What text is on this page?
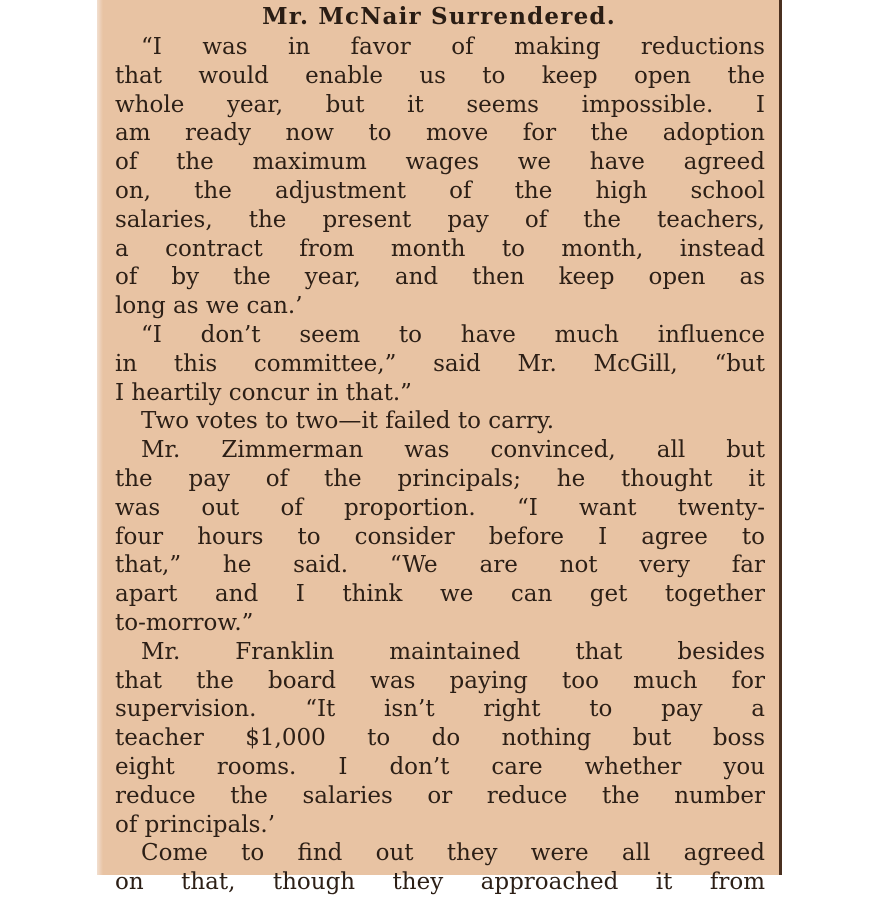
Mr. McNair Surrendered.
“I was in favor of making reductions
that would enable us to keep open the
whole year, but it seems impossible. I
am ready now to move for the adoption
of the maximum wages we have agreed
on, the adjustment of the high school
salaries, the present pay of the teachers,
a contract from month to month, instead
of by the year, and then keep open as
long as we can.’
“I don’t seem to have much influence
in this committee,” said Mr. McGill, “but
I heartily concur in that.”
Two votes to two—it failed to carry.
Mr. Zimmerman was convinced, all but
the pay of the principals; he thought it
was out of proportion. “I want twenty-
four hours to consider before I agree to
that,” he said. “We are not very far
apart and I think we can get together
to-morrow.”
Mr. Franklin maintained that besides
that the board was paying too much for
supervision. “It isn’t right to pay a
teacher $1,000 to do nothing but boss
eight rooms. I don’t care whether you
reduce the salaries or reduce the number
of principals.’
Come to find out they were all agreed
on that, though they approached it from
